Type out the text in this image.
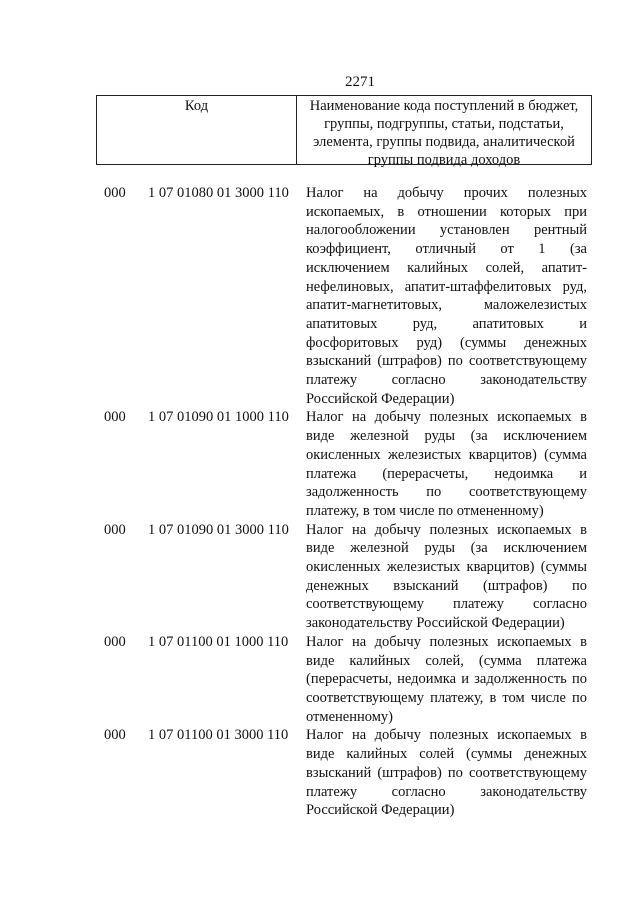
2271
Код	Наименование кода поступлений в бюджет, группы, подгруппы, статьи, подстатьи, элемента, группы подвида, аналитической группы подвида доходов
000 1 07 01080 01 3000 110 Налог на добычу прочих полезных ископаемых, в отношении которых при налогообложении установлен рентный коэффициент, отличный от 1 (за исключением калийных солей, апатит-нефелиновых, апатит-штаффелитовых руд, апатит-магнетитовых, маложелезистых апатитовых руд, апатитовых и фосфоритовых руд) (суммы денежных взысканий (штрафов) по соответствующему платежу согласно законодательству Российской Федерации)
000 1 07 01090 01 1000 110 Налог на добычу полезных ископаемых в виде железной руды (за исключением окисленных железистых кварцитов) (сумма платежа (перерасчеты, недоимка и задолженность по соответствующему платежу, в том числе по отмененному)
000 1 07 01090 01 3000 110 Налог на добычу полезных ископаемых в виде железной руды (за исключением окисленных железистых кварцитов) (суммы денежных взысканий (штрафов) по соответствующему платежу согласно законодательству Российской Федерации)
000 1 07 01100 01 1000 110 Налог на добычу полезных ископаемых в виде калийных солей, (сумма платежа (перерасчеты, недоимка и задолженность по соответствующему платежу, в том числе по отмененному)
000 1 07 01100 01 3000 110 Налог на добычу полезных ископаемых в виде калийных солей (суммы денежных взысканий (штрафов) по соответствующему платежу согласно законодательству Российской Федерации)
